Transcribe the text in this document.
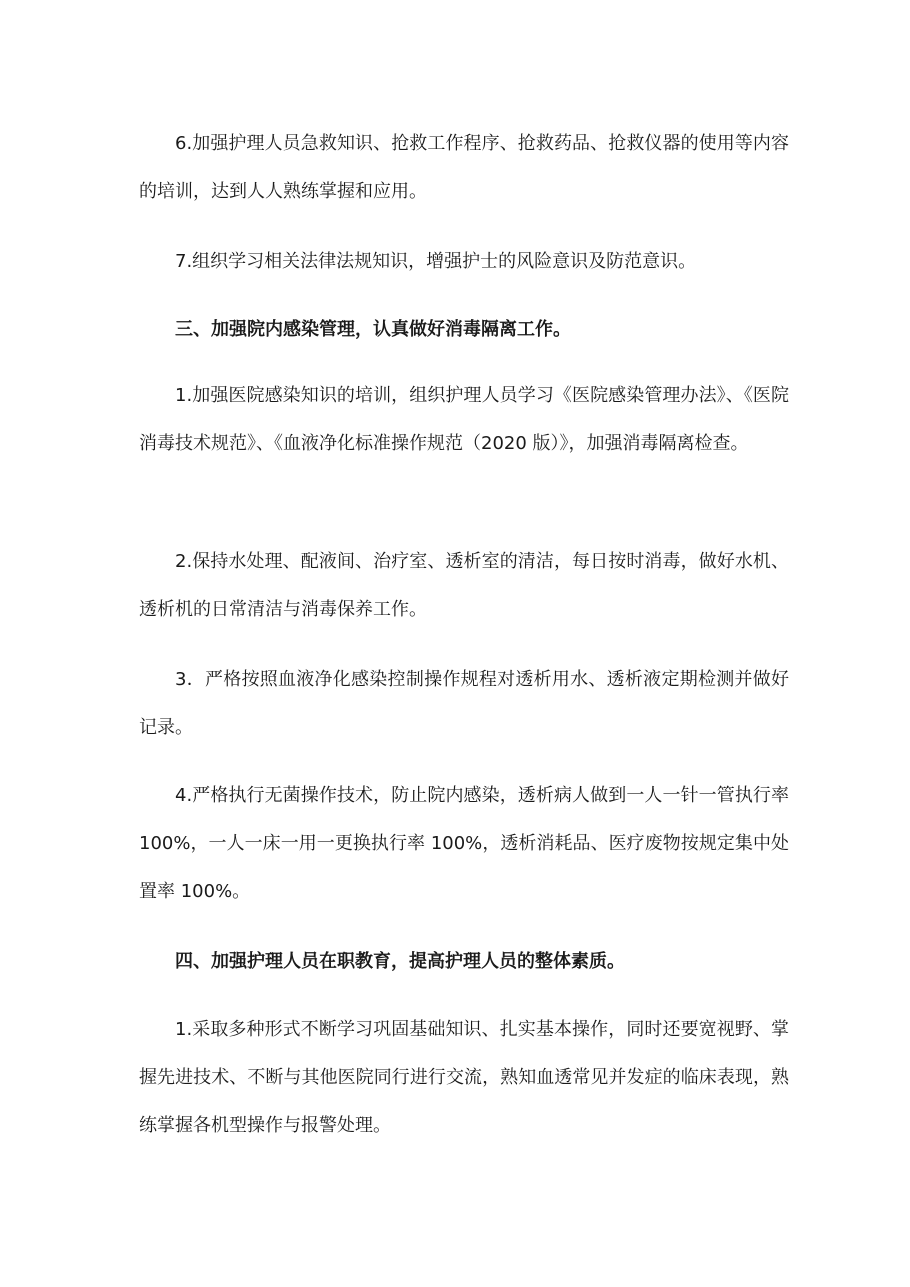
6.加强护理人员急救知识、抢救工作程序、抢救药品、抢救仪器的使用等内容的培训，达到人人熟练掌握和应用。

7.组织学习相关法律法规知识，增强护士的风险意识及防范意识。

三、加强院内感染管理，认真做好消毒隔离工作。

1.加强医院感染知识的培训，组织护理人员学习《医院感染管理办法》、《医院消毒技术规范》、《血液净化标准操作规范（2020 版）》，加强消毒隔离检查。

2.保持水处理、配液间、治疗室、透析室的清洁，每日按时消毒，做好水机、透析机的日常清洁与消毒保养工作。

3．严格按照血液净化感染控制操作规程对透析用水、透析液定期检测并做好记录。

4.严格执行无菌操作技术，防止院内感染，透析病人做到一人一针一管执行率 100%，一人一床一用一更换执行率 100%，透析消耗品、医疗废物按规定集中处置率 100%。

四、加强护理人员在职教育，提高护理人员的整体素质。

1.采取多种形式不断学习巩固基础知识、扎实基本操作，同时还要宽视野、掌握先进技术、不断与其他医院同行进行交流，熟知血透常见并发症的临床表现，熟练掌握各机型操作与报警处理。
